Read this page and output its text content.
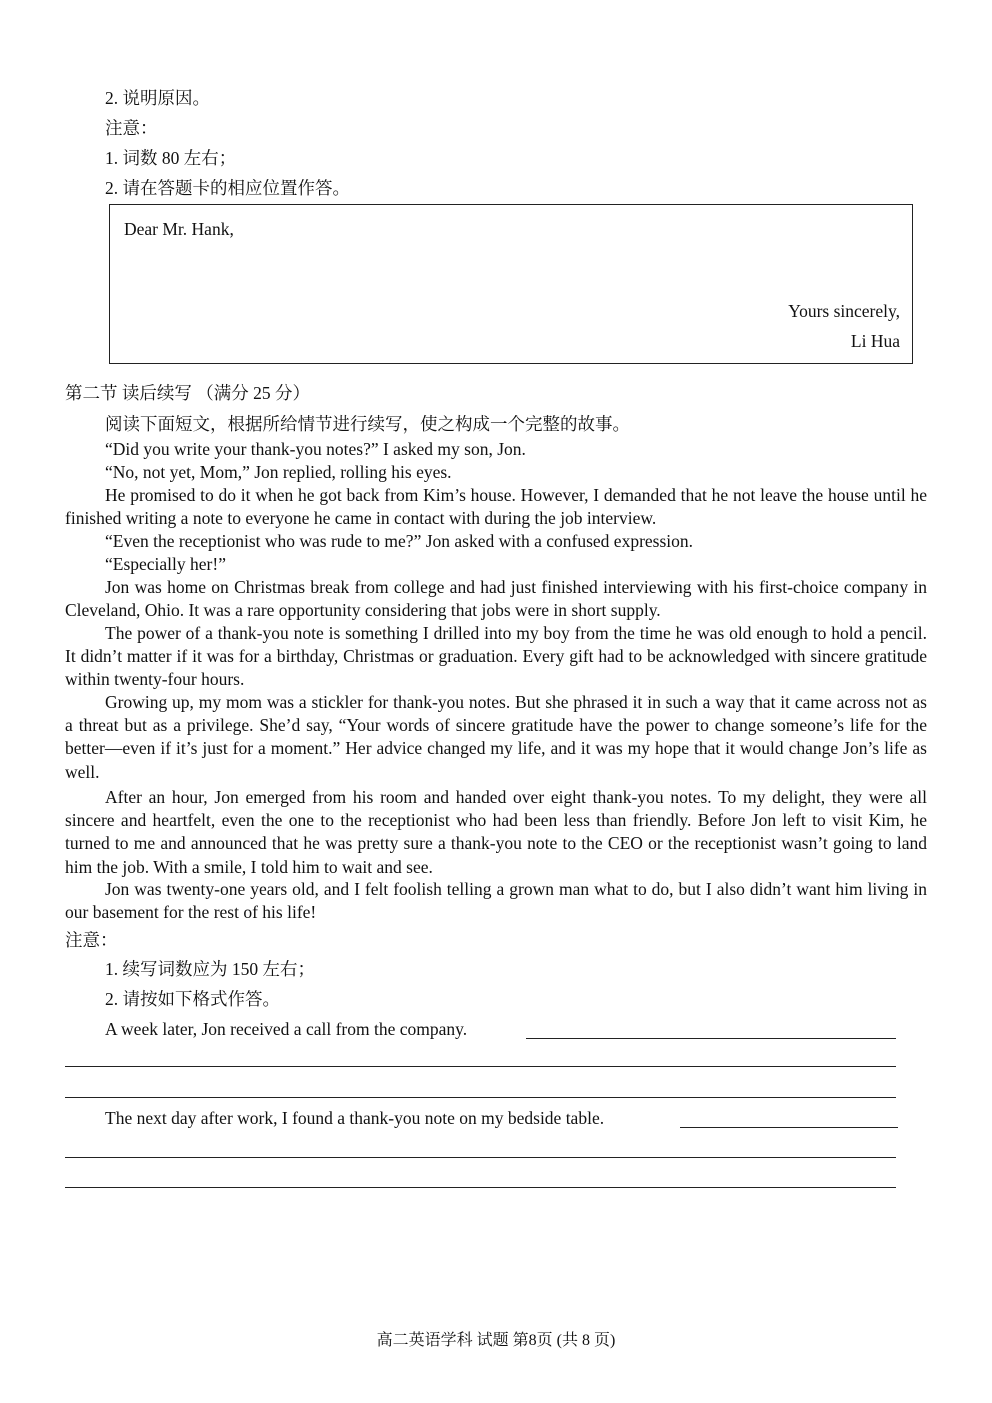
2. 说明原因。
注意：
1. 词数 80 左右；
2. 请在答题卡的相应位置作答。
Dear Mr. Hank,
Yours sincerely,
Li Hua
第二节 读后续写 （满分 25 分）
阅读下面短文，根据所给情节进行续写，使之构成一个完整的故事。
“Did you write your thank-you notes?” I asked my son, Jon.
“No, not yet, Mom,” Jon replied, rolling his eyes.
He promised to do it when he got back from Kim’s house. However, I demanded that he not leave the house until he finished writing a note to everyone he came in contact with during the job interview.
“Even the receptionist who was rude to me?” Jon asked with a confused expression.
“Especially her!”
Jon was home on Christmas break from college and had just finished interviewing with his first-choice company in Cleveland, Ohio. It was a rare opportunity considering that jobs were in short supply.
The power of a thank-you note is something I drilled into my boy from the time he was old enough to hold a pencil. It didn’t matter if it was for a birthday, Christmas or graduation. Every gift had to be acknowledged with sincere gratitude within twenty-four hours.
Growing up, my mom was a stickler for thank-you notes. But she phrased it in such a way that it came across not as a threat but as a privilege. She’d say, “Your words of sincere gratitude have the power to change someone’s life for the better—even if it’s just for a moment.” Her advice changed my life, and it was my hope that it would change Jon’s life as well.
After an hour, Jon emerged from his room and handed over eight thank-you notes. To my delight, they were all sincere and heartfelt, even the one to the receptionist who had been less than friendly. Before Jon left to visit Kim, he turned to me and announced that he was pretty sure a thank-you note to the CEO or the receptionist wasn’t going to land him the job. With a smile, I told him to wait and see.
Jon was twenty-one years old, and I felt foolish telling a grown man what to do, but I also didn’t want him living in our basement for the rest of his life!
注意：
1. 续写词数应为 150 左右；
2. 请按如下格式作答。
A week later, Jon received a call from the company.
The next day after work, I found a thank-you note on my bedside table.
高二英语学科 试题 第8页 (共 8 页)
